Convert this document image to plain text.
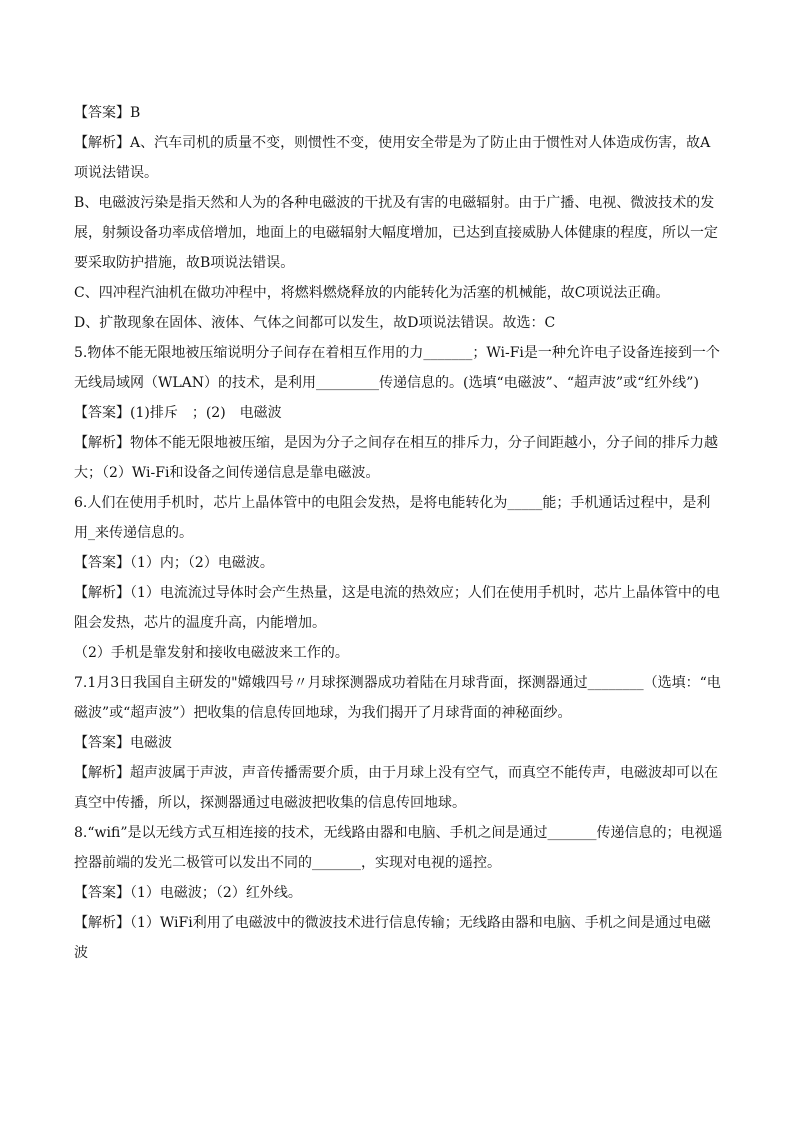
【答案】B

【解析】A、汽车司机的质量不变，则惯性不变，使用安全带是为了防止由于惯性对人体造成伤害，故A项说法错误。

B、电磁波污染是指天然和人为的各种电磁波的干扰及有害的电磁辐射。由于广播、电视、微波技术的发展，射频设备功率成倍增加，地面上的电磁辐射大幅度增加，已达到直接威胁人体健康的程度，所以一定要采取防护措施，故B项说法错误。

C、四冲程汽油机在做功冲程中，将燃料燃烧释放的内能转化为活塞的机械能，故C项说法正确。

D、扩散现象在固体、液体、气体之间都可以发生，故D项说法错误。故选：C

5.物体不能无限地被压缩说明分子间存在着相互作用的力_______；Wi-Fi是一种允许电子设备连接到一个无线局域网（WLAN）的技术，是利用_________传递信息的。(选填“电磁波”、“超声波”或“红外线”)

【答案】(1)排斥　；(2)　电磁波

【解析】物体不能无限地被压缩，是因为分子之间存在相互的排斥力，分子间距越小，分子间的排斥力越大；（2）Wi-Fi和设备之间传递信息是靠电磁波。

6.人们在使用手机时，芯片上晶体管中的电阻会发热，是将电能转化为_____能；手机通话过程中，是利用_来传递信息的。

【答案】（1）内；（2）电磁波。

【解析】（1）电流流过导体时会产生热量，这是电流的热效应；人们在使用手机时，芯片上晶体管中的电阻会发热，芯片的温度升高，内能增加。

（2）手机是靠发射和接收电磁波来工作的。

7.1月3日我国自主研发的"嫦娥四号〃月球探测器成功着陆在月球背面，探测器通过________（选填：“电磁波”或“超声波”）把收集的信息传回地球，为我们揭开了月球背面的神秘面纱。

【答案】电磁波

【解析】超声波属于声波，声音传播需要介质，由于月球上没有空气，而真空不能传声，电磁波却可以在真空中传播，所以，探测器通过电磁波把收集的信息传回地球。

8.“wifi”是以无线方式互相连接的技术，无线路由器和电脑、手机之间是通过_______传递信息的；电视遥控器前端的发光二极管可以发出不同的_______，实现对电视的遥控。

【答案】（1）电磁波；（2）红外线。

【解析】（1）WiFi利用了电磁波中的微波技术进行信息传输；无线路由器和电脑、手机之间是通过电磁波
